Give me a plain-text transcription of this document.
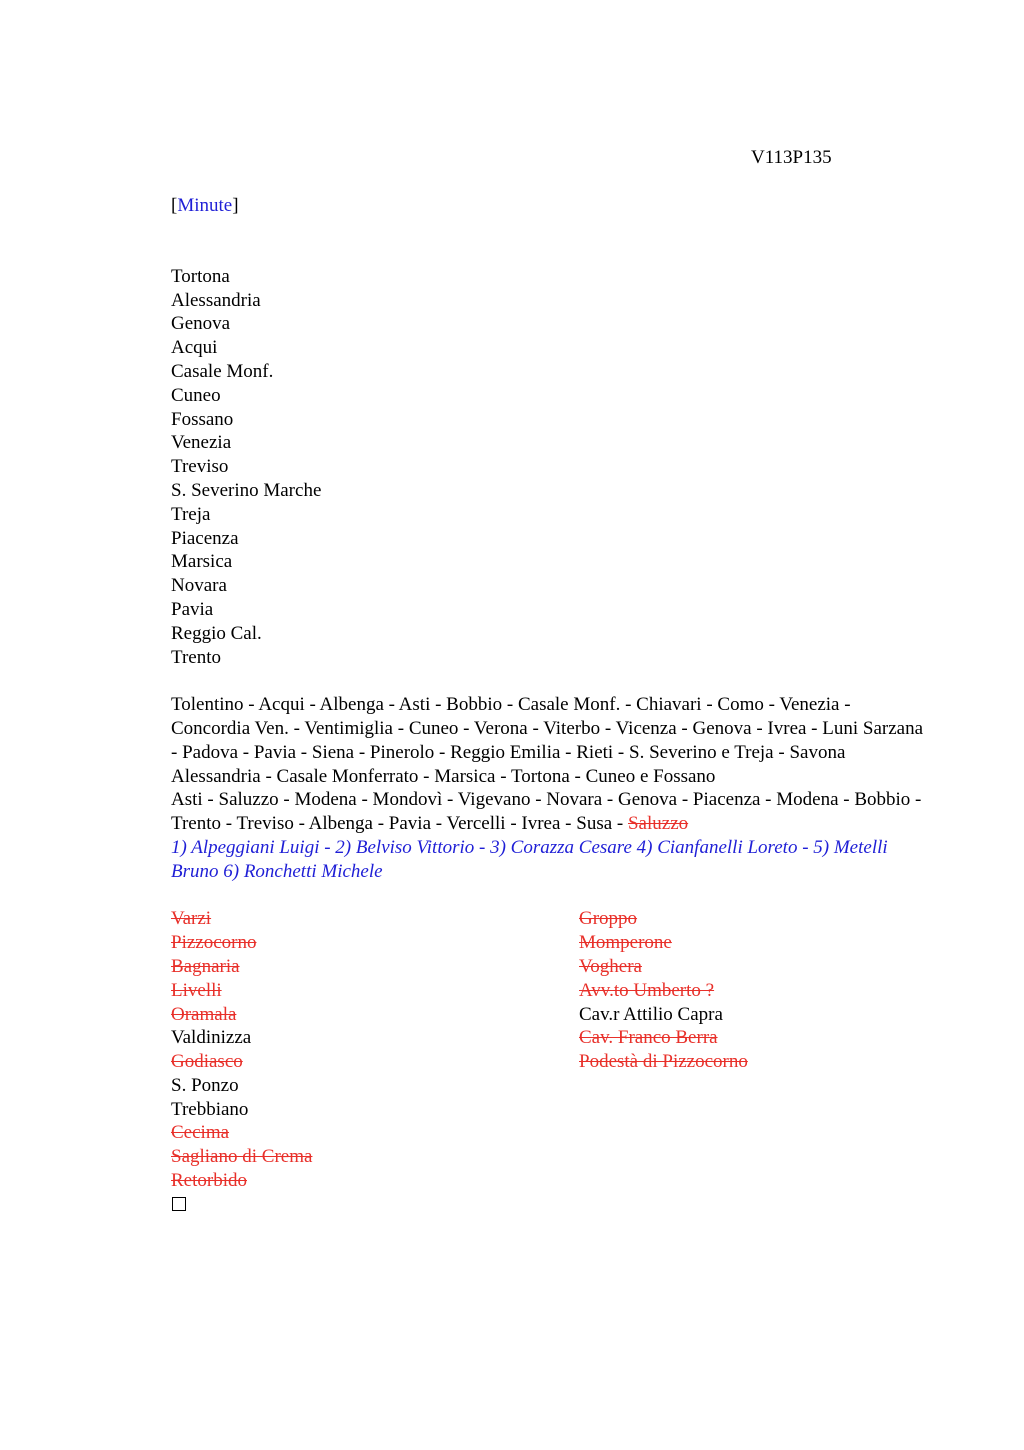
V113P135

[Minute]

Tortona
Alessandria
Genova
Acqui
Casale Monf.
Cuneo
Fossano
Venezia
Treviso
S. Severino Marche
Treja
Piacenza
Marsica
Novara
Pavia
Reggio Cal.
Trento

Tolentino - Acqui - Albenga - Asti - Bobbio - Casale Monf. - Chiavari - Como - Venezia - Concordia Ven. - Ventimiglia - Cuneo - Verona - Viterbo - Vicenza - Genova - Ivrea - Luni Sarzana - Padova - Pavia - Siena - Pinerolo - Reggio Emilia - Rieti - S. Severino e Treja - Savona

Alessandria - Casale Monferrato - Marsica - Tortona - Cuneo e Fossano

Asti - Saluzzo - Modena - Mondovì - Vigevano - Novara - Genova - Piacenza - Modena - Bobbio - Trento - Treviso - Albenga - Pavia - Vercelli - Ivrea - Susa - Saluzzo

1) Alpeggiani Luigi - 2) Belviso Vittorio - 3) Corazza Cesare 4) Cianfanelli Loreto - 5) Metelli Bruno 6) Ronchetti Michele

Varzi
Pizzocorno
Bagnaria
Livelli
Oramala
Valdinizza
Godiasco
S. Ponzo
Trebbiano
Cecima
Sagliano di Crema
Retorbido
Groppo
Momperone
Voghera
Avv.to Umberto ?
Cav.r Attilio Capra
Cav. Franco Berra
Podestà di Pizzocorno
